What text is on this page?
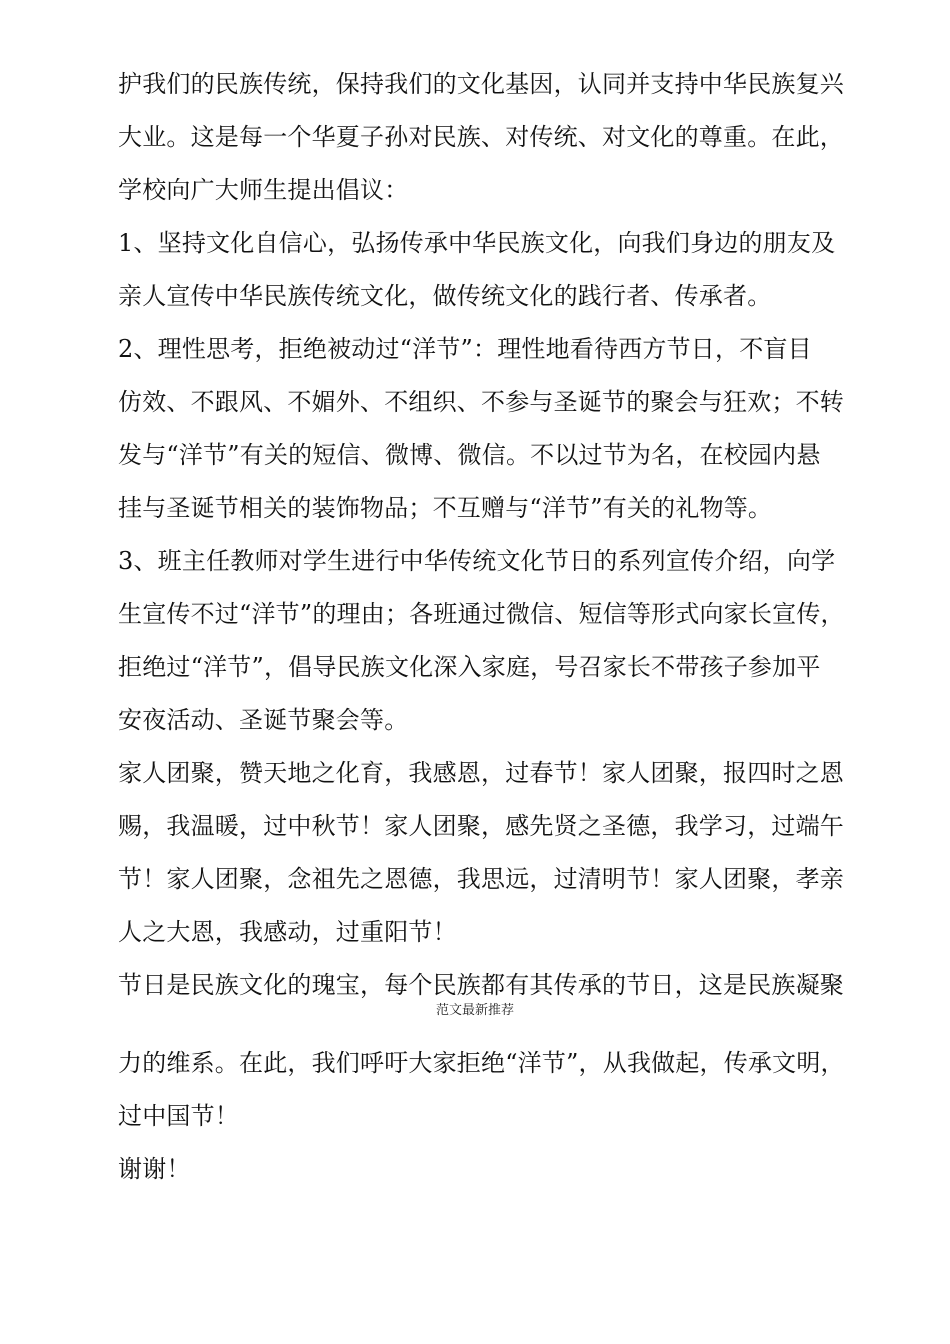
护我们的民族传统，保持我们的文化基因，认同并支持中华民族复兴
大业。这是每一个华夏子孙对民族、对传统、对文化的尊重。在此，
学校向广大师生提出倡议：
1、坚持文化自信心，弘扬传承中华民族文化，向我们身边的朋友及
亲人宣传中华民族传统文化，做传统文化的践行者、传承者。
2、理性思考，拒绝被动过“洋节”：理性地看待西方节日，不盲目
仿效、不跟风、不媚外、不组织、不参与圣诞节的聚会与狂欢；不转
发与“洋节”有关的短信、微博、微信。不以过节为名，在校园内悬
挂与圣诞节相关的装饰物品；不互赠与“洋节”有关的礼物等。
3、班主任教师对学生进行中华传统文化节日的系列宣传介绍，向学
生宣传不过“洋节”的理由；各班通过微信、短信等形式向家长宣传，
拒绝过“洋节”，倡导民族文化深入家庭，号召家长不带孩子参加平
安夜活动、圣诞节聚会等。
家人团聚，赞天地之化育，我感恩，过春节！家人团聚，报四时之恩
赐，我温暖，过中秋节！家人团聚，感先贤之圣德，我学习，过端午
节！家人团聚，念祖先之恩德，我思远，过清明节！家人团聚，孝亲
人之大恩，我感动，过重阳节！
节日是民族文化的瑰宝，每个民族都有其传承的节日，这是民族凝聚
范文最新推荐
力的维系。在此，我们呼吁大家拒绝“洋节”，从我做起，传承文明，
过中国节！
谢谢！
